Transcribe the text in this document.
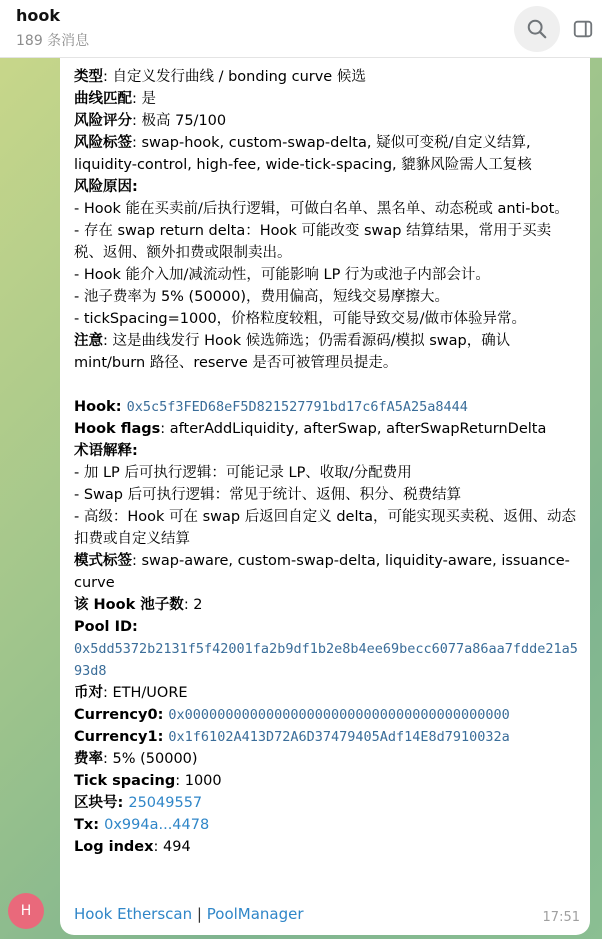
hook
189 条消息
类型: 自定义发行曲线 / bonding curve 候选
曲线匹配: 是
风险评分: 极高 75/100
风险标签: swap-hook, custom-swap-delta, 疑似可变税/自定义结算, liquidity-control, high-fee, wide-tick-spacing, 貔貅风险需人工复核
风险原因:
- Hook 能在买卖前/后执行逻辑，可做白名单、黑名单、动态税或 anti-bot。
- 存在 swap return delta：Hook 可能改变 swap 结算结果，常用于买卖税、返佣、额外扣费或限制卖出。
- Hook 能介入加/减流动性，可能影响 LP 行为或池子内部会计。
- 池子费率为 5% (50000)，费用偏高，短线交易摩擦大。
- tickSpacing=1000，价格粒度较粗，可能导致交易/做市体验异常。
注意: 这是曲线发行 Hook 候选筛选；仍需看源码/模拟 swap，确认 mint/burn 路径、reserve 是否可被管理员提走。
Hook: 0x5c5f3FED68eF5D821527791bd17c6fA5A25a8444
Hook flags: afterAddLiquidity, afterSwap, afterSwapReturnDelta
术语解释:
- 加 LP 后可执行逻辑：可能记录 LP、收取/分配费用
- Swap 后可执行逻辑：常见于统计、返佣、积分、税费结算
- 高级：Hook 可在 swap 后返回自定义 delta，可能实现买卖税、返佣、动态扣费或自定义结算
模式标签: swap-aware, custom-swap-delta, liquidity-aware, issuance-curve
该 Hook 池子数: 2
Pool ID:
0x5dd5372b2131f5f42001fa2b9df1b2e8b4ee69becc6077a86aa7fdde21a593d8
币对: ETH/UORE
Currency0: 0x0000000000000000000000000000000000000000
Currency1: 0x1f6102A413D72A6D37479405Adf14E8d7910032a
费率: 5% (50000)
Tick spacing: 1000
区块号: 25049557
Tx: 0x994a...4478
Log index: 494
Hook Etherscan | PoolManager	17:51
H
